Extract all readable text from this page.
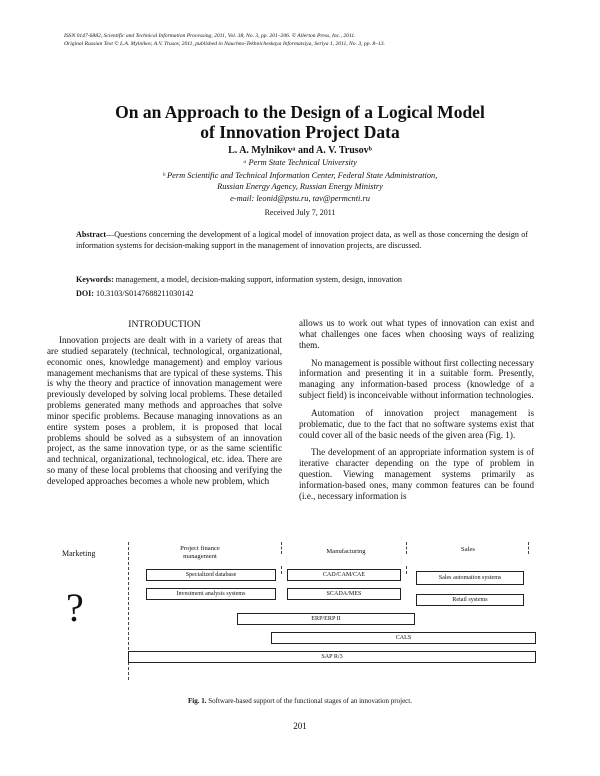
ISSN 0147-6882, Scientific and Technical Information Processing, 2011, Vol. 38, No. 3, pp. 201–206. © Allerton Press, Inc., 2011.
Original Russian Text © L.A. Mylnikov, A.V. Trusov, 2011, published in Nauchno-Tekhnicheskaya Informatsiya, Seriya 1, 2011, No. 3, pp. 8–13.
On an Approach to the Design of a Logical Model
of Innovation Project Data
L. A. Mylnikovᵃ and A. V. Trusovᵇ
ᵃ Perm State Technical University
ᵇ Perm Scientific and Technical Information Center, Federal State Administration,
Russian Energy Agency, Russian Energy Ministry
e-mail: leonid@pstu.ru, tav@permcnti.ru
Received July 7, 2011
Abstract—Questions concerning the development of a logical model of innovation project data, as well as those concerning the design of information systems for decision-making support in the management of innovation projects, are discussed.
Keywords: management, a model, decision-making support, information system, design, innovation
DOI: 10.3103/S0147688211030142
INTRODUCTION

Innovation projects are dealt with in a variety of areas that are studied separately (technical, technological, organizational, economic ones, knowledge management) and employ various management mechanisms that are typical of these systems. This is why the theory and practice of innovation management were previously developed by solving local problems. These detailed problems generated many methods and approaches that solve minor specific problems. Because managing innovations as an entire system poses a problem, it is proposed that local problems should be solved as a subsystem of an innovation project, as the same innovation type, or as the same scientific and technical, organizational, technological, etc. idea. There are so many of these local problems that choosing and verifying the developed approaches becomes a whole new problem, which

allows us to work out what types of innovation can exist and what challenges one faces when choosing ways of realizing them.

No management is possible without first collecting necessary information and presenting it in a suitable form. Presently, managing any information-based process (knowledge of a subject field) is inconceivable without information technologies.

Automation of innovation project management is problematic, due to the fact that no software systems exist that could cover all of the basic needs of the given area (Fig. 1).

The development of an appropriate information system is of iterative character depending on the type of problem in question. Viewing management systems primarily as information-based ones, many common features can be found (i.e., necessary information is

Marketing
Project finance
management
Manufacturing	Sales
?
Specialized database
Investment analysis systems
CAD/CAM/CAE
SCADA/MES
Sales automation systems
Retail systems
ERP/ERP II
CALS
SAP R/3
Fig. 1. Software-based support of the functional stages of an innovation project.
201
